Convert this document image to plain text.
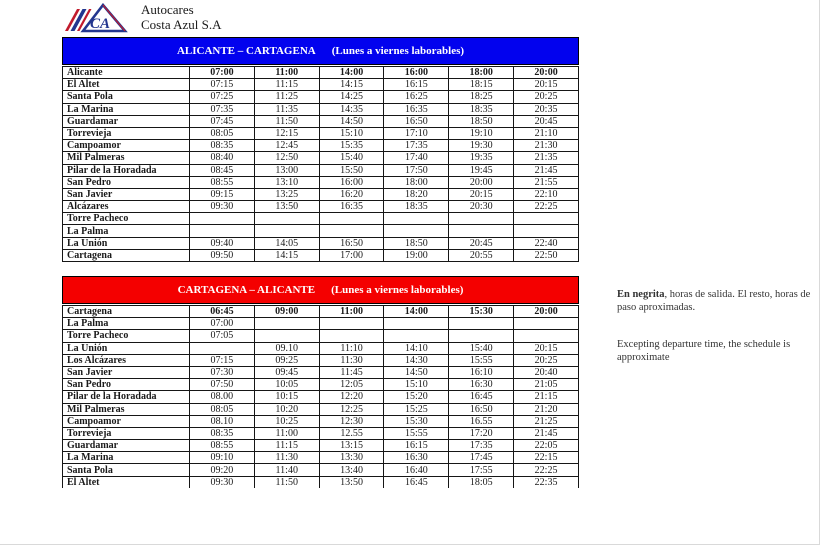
CA
Autocares
Costa Azul S.A
ALICANTE – CARTAGENA (Lunes a viernes laborables)
Alicante	07:00	11:00	14:00	16:00	18:00	20:00
El Altet	07:15	11:15	14:15	16:15	18:15	20:15
Santa Pola	07:25	11:25	14:25	16:25	18:25	20:25
La Marina	07:35	11:35	14:35	16:35	18:35	20:35
Guardamar	07:45	11:50	14:50	16:50	18:50	20:45
Torrevieja	08:05	12:15	15:10	17:10	19:10	21:10
Campoamor	08:35	12:45	15:35	17:35	19:30	21:30
Mil Palmeras	08:40	12:50	15:40	17:40	19:35	21:35
Pilar de la Horadada	08:45	13:00	15:50	17:50	19:45	21:45
San Pedro	08:55	13:10	16:00	18:00	20:00	21:55
San Javier	09:15	13:25	16:20	18:20	20:15	22:10
Alcázares	09:30	13:50	16:35	18:35	20:30	22:25
Torre Pacheco						
La Palma						
La Unión	09:40	14:05	16:50	18:50	20:45	22:40
Cartagena	09:50	14:15	17:00	19:00	20:55	22:50
CARTAGENA – ALICANTE (Lunes a viernes laborables)
Cartagena	06:45	09:00	11:00	14:00	15:30	20:00
La Palma	07:00					
Torre Pacheco	07:05					
La Unión		09.10	11:10	14:10	15:40	20:15
Los Alcázares	07:15	09:25	11:30	14:30	15:55	20:25
San Javier	07:30	09:45	11:45	14:50	16:10	20:40
San Pedro	07:50	10:05	12:05	15:10	16:30	21:05
Pilar de la Horadada	08.00	10:15	12:20	15:20	16:45	21:15
Mil Palmeras	08:05	10:20	12:25	15:25	16:50	21:20
Campoamor	08.10	10:25	12:30	15:30	16.55	21:25
Torrevieja	08:35	11:00	12.55	15:55	17:20	21:45
Guardamar	08:55	11:15	13:15	16:15	17:35	22:05
La Marina	09:10	11:30	13:30	16:30	17:45	22:15
Santa Pola	09:20	11:40	13:40	16:40	17:55	22:25
El Altet	09:30	11:50	13:50	16:45	18:05	22:35
En negrita, horas de salida. El resto, horas de paso aproximadas.
Excepting departure time, the schedule is approximate
